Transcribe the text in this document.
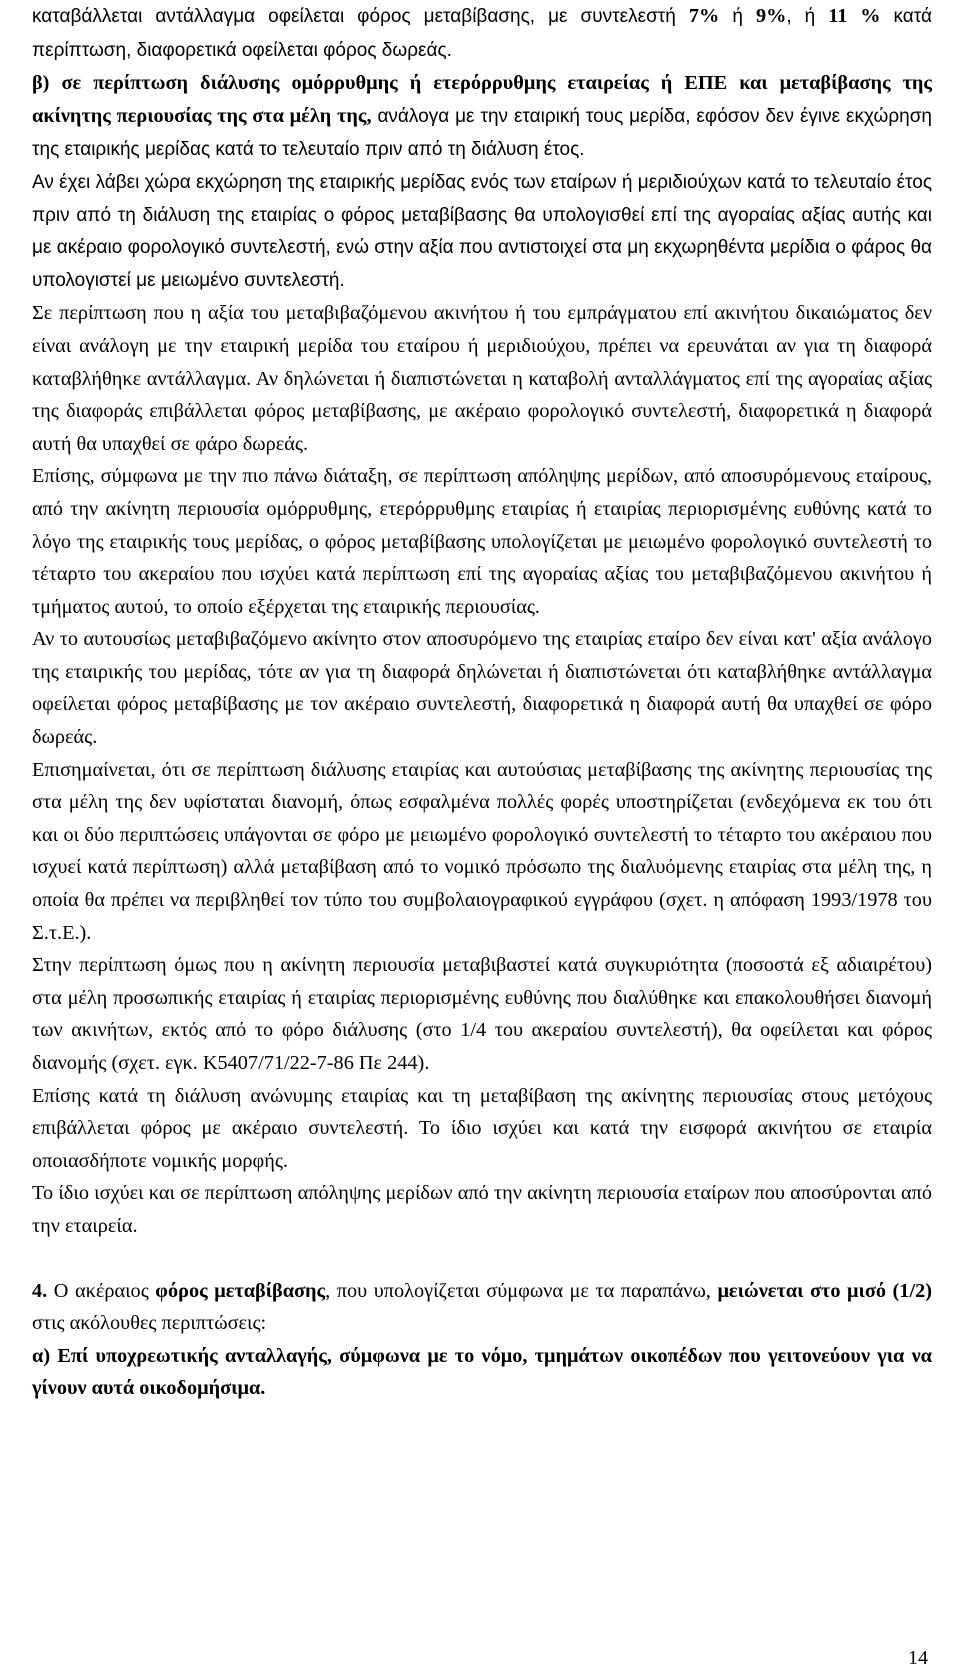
καταβάλλεται αντάλλαγμα οφείλεται φόρος μεταβίβασης, με συντελεστή 7% ή 9%, ή 11 % κατά περίπτωση, διαφορετικά οφείλεται φόρος δωρεάς.

β) σε περίπτωση διάλυσης ομόρρυθμης ή ετερόρρυθμης εταιρείας ή ΕΠΕ και μεταβίβασης της ακίνητης περιουσίας της στα μέλη της, ανάλογα με την εταιρική τους μερίδα, εφόσον δεν έγινε εκχώρηση της εταιρικής μερίδας κατά το τελευταίο πριν από τη διάλυση έτος.

Αν έχει λάβει χώρα εκχώρηση της εταιρικής μερίδας ενός των εταίρων ή μεριδιούχων κατά το τελευταίο έτος πριν από τη διάλυση της εταιρίας ο φόρος μεταβίβασης θα υπολογισθεί επί της αγοραίας αξίας αυτής και με ακέραιο φορολογικό συντελεστή, ενώ στην αξία που αντιστοιχεί στα μη εκχωρηθέντα μερίδια ο φάρος θα υπολογιστεί με μειωμένο συντελεστή.

Σε περίπτωση που η αξία του μεταβιβαζόμενου ακινήτου ή του εμπράγματου επί ακινήτου δικαιώματος δεν είναι ανάλογη με την εταιρική μερίδα του εταίρου ή μεριδιούχου, πρέπει να ερευνάται αν για τη διαφορά καταβλήθηκε αντάλλαγμα. Αν δηλώνεται ή διαπιστώνεται η καταβολή ανταλλάγματος επί της αγοραίας αξίας της διαφοράς επιβάλλεται φόρος μεταβίβασης, με ακέραιο φορολογικό συντελεστή, διαφορετικά η διαφορά αυτή θα υπαχθεί σε φάρο δωρεάς.

Επίσης, σύμφωνα με την πιο πάνω διάταξη, σε περίπτωση απόληψης μερίδων, από αποσυρόμενους εταίρους, από την ακίνητη περιουσία ομόρρυθμης, ετερόρρυθμης εταιρίας ή εταιρίας περιορισμένης ευθύνης κατά το λόγο της εταιρικής τους μερίδας, ο φόρος μεταβίβασης υπολογίζεται με μειωμένο φορολογικό συντελεστή το τέταρτο του ακεραίου που ισχύει κατά περίπτωση επί της αγοραίας αξίας του μεταβιβαζόμενου ακινήτου ή τμήματος αυτού, το οποίο εξέρχεται της εταιρικής περιουσίας.

Αν το αυτουσίως μεταβιβαζόμενο ακίνητο στον αποσυρόμενο της εταιρίας εταίρο δεν είναι κατ' αξία ανάλογο της εταιρικής του μερίδας, τότε αν για τη διαφορά δηλώνεται ή διαπιστώνεται ότι καταβλήθηκε αντάλλαγμα οφείλεται φόρος μεταβίβασης με τον ακέραιο συντελεστή, διαφορετικά η διαφορά αυτή θα υπαχθεί σε φόρο δωρεάς.

Επισημαίνεται, ότι σε περίπτωση διάλυσης εταιρίας και αυτούσιας μεταβίβασης της ακίνητης περιουσίας της στα μέλη της δεν υφίσταται διανομή, όπως εσφαλμένα πολλές φορές υποστηρίζεται (ενδεχόμενα εκ του ότι και οι δύο περιπτώσεις υπάγονται σε φόρο με μειωμένο φορολογικό συντελεστή το τέταρτο του ακέραιου που ισχυεί κατά περίπτωση) αλλά μεταβίβαση από το νομικό πρόσωπο της διαλυόμενης εταιρίας στα μέλη της, η οποία θα πρέπει να περιβληθεί τον τύπο του συμβολαιογραφικού εγγράφου (σχετ. η απόφαση 1993/1978 του Σ.τ.Ε.).

Στην περίπτωση όμως που η ακίνητη περιουσία μεταβιβαστεί κατά συγκυριότητα (ποσοστά εξ αδιαιρέτου) στα μέλη προσωπικής εταιρίας ή εταιρίας περιορισμένης ευθύνης που διαλύθηκε και επακολουθήσει διανομή των ακινήτων, εκτός από το φόρο διάλυσης (στο 1/4 του ακεραίου συντελεστή), θα οφείλεται και φόρος διανομής (σχετ. εγκ. Κ5407/71/22-7-86 Πε 244).

Επίσης κατά τη διάλυση ανώνυμης εταιρίας και τη μεταβίβαση της ακίνητης περιουσίας στους μετόχους επιβάλλεται φόρος με ακέραιο συντελεστή. Το ίδιο ισχύει και κατά την εισφορά ακινήτου σε εταιρία οποιασδήποτε νομικής μορφής.

Το ίδιο ισχύει και σε περίπτωση απόληψης μερίδων από την ακίνητη περιουσία εταίρων που αποσύρονται από την εταιρεία.

4. Ο ακέραιος φόρος μεταβίβασης, που υπολογίζεται σύμφωνα με τα παραπάνω, μειώνεται στο μισό (1/2) στις ακόλουθες περιπτώσεις:

α) Επί υποχρεωτικής ανταλλαγής, σύμφωνα με το νόμο, τμημάτων οικοπέδων που γειτονεύουν για να γίνουν αυτά οικοδομήσιμα.

14
